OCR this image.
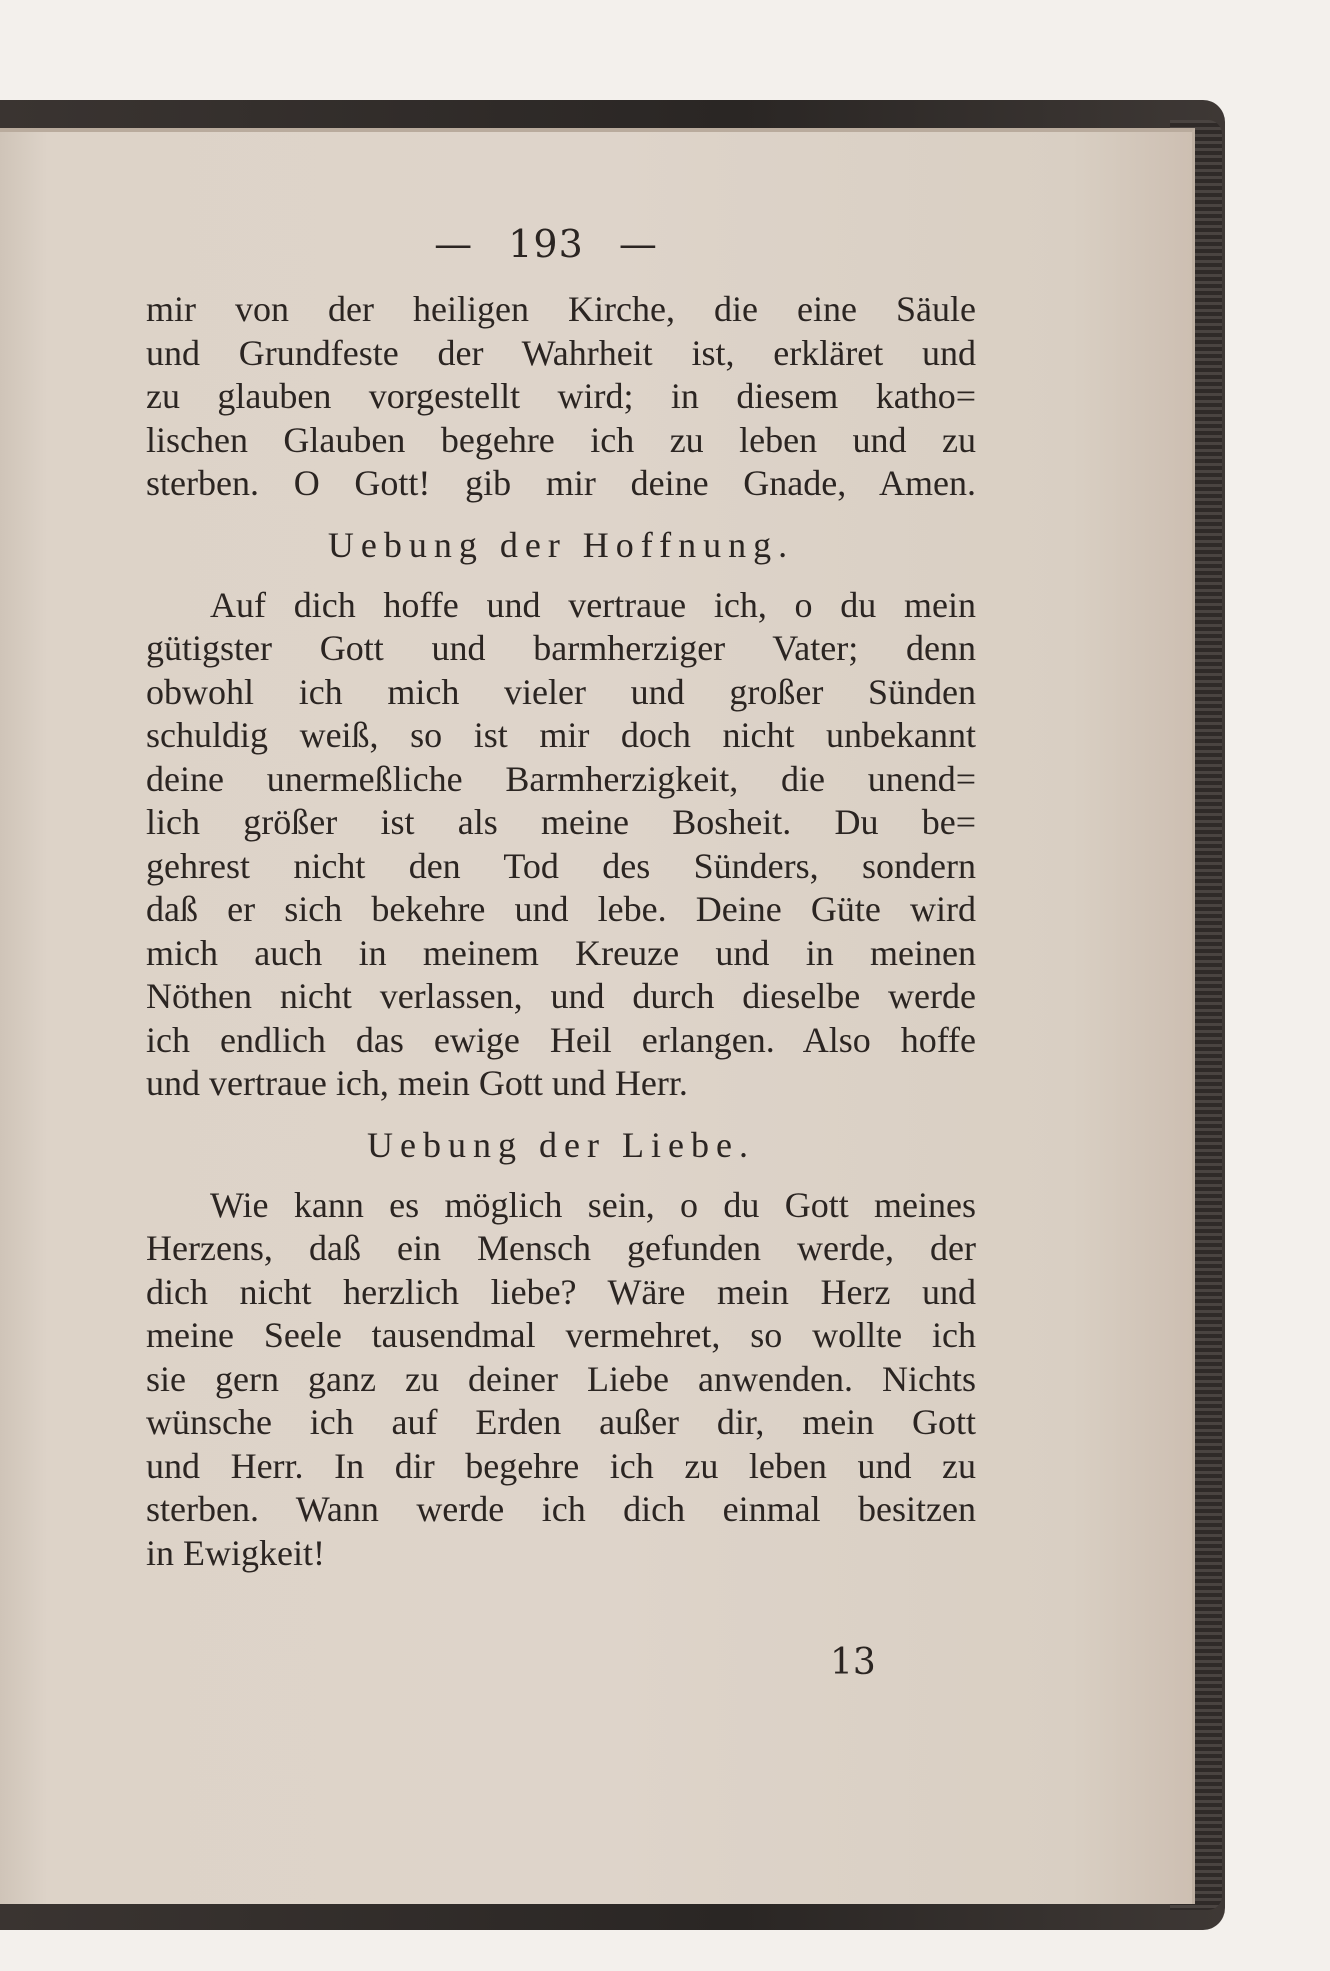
— 193 —
mir von der heiligen Kirche, die eine Säule
und Grundfeste der Wahrheit ist, erkläret und
zu glauben vorgestellt wird; in diesem katho=
lischen Glauben begehre ich zu leben und zu
sterben. O Gott! gib mir deine Gnade, Amen.
Uebung der Hoffnung.
Auf dich hoffe und vertraue ich, o du mein
gütigster Gott und barmherziger Vater; denn
obwohl ich mich vieler und großer Sünden
schuldig weiß, so ist mir doch nicht unbekannt
deine unermeßliche Barmherzigkeit, die unend=
lich größer ist als meine Bosheit. Du be=
gehrest nicht den Tod des Sünders, sondern
daß er sich bekehre und lebe. Deine Güte wird
mich auch in meinem Kreuze und in meinen
Nöthen nicht verlassen, und durch dieselbe werde
ich endlich das ewige Heil erlangen. Also hoffe
und vertraue ich, mein Gott und Herr.
Uebung der Liebe.
Wie kann es möglich sein, o du Gott meines
Herzens, daß ein Mensch gefunden werde, der
dich nicht herzlich liebe? Wäre mein Herz und
meine Seele tausendmal vermehret, so wollte ich
sie gern ganz zu deiner Liebe anwenden. Nichts
wünsche ich auf Erden außer dir, mein Gott
und Herr. In dir begehre ich zu leben und zu
sterben. Wann werde ich dich einmal besitzen
in Ewigkeit!
13
